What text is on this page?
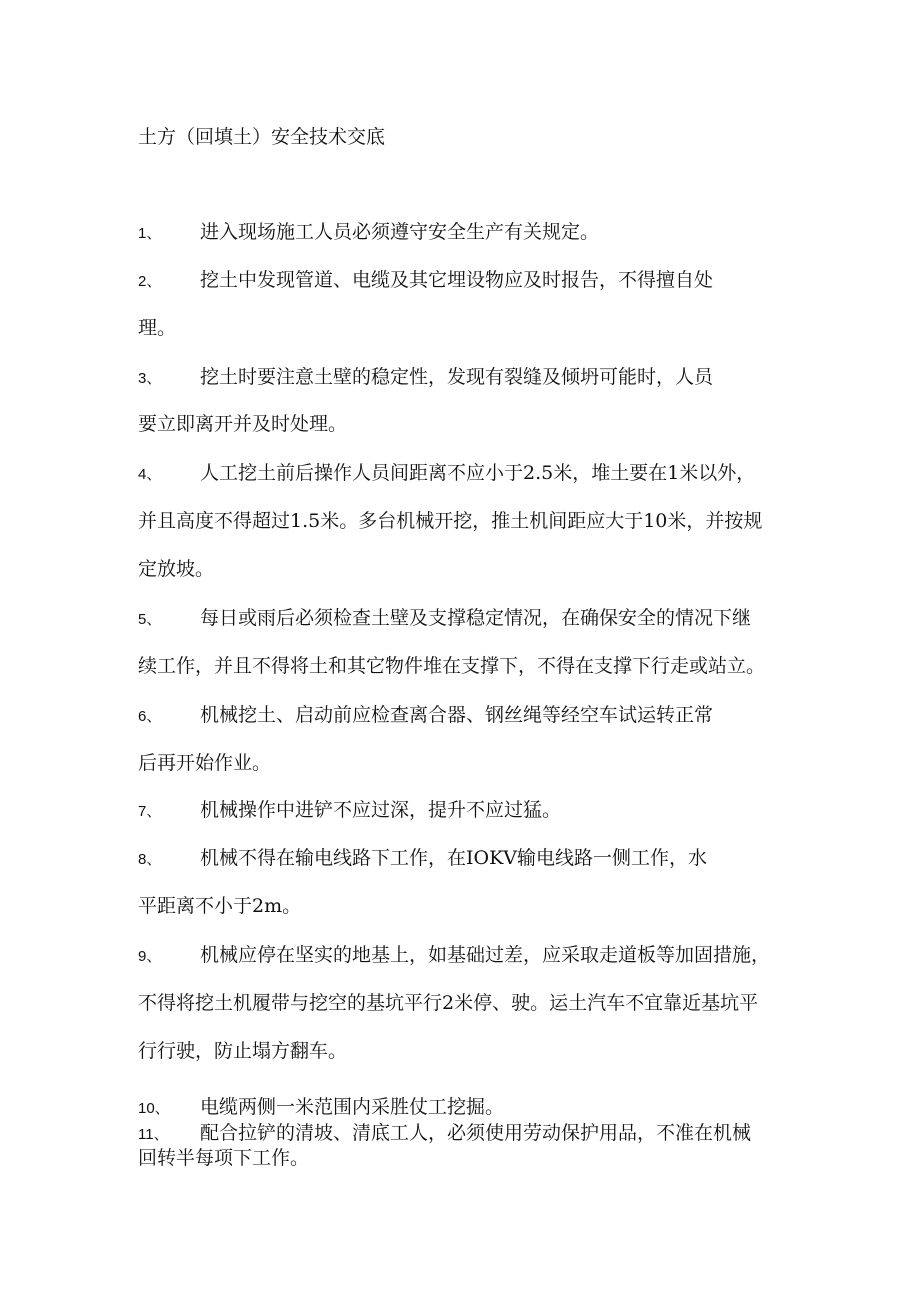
土方（回填土）安全技术交底
1、 进入现场施工人员必须遵守安全生产有关规定。
2、 挖土中发现管道、电缆及其它埋设物应及时报告，不得擅自处
理。
3、 挖土时要注意土壁的稳定性，发现有裂缝及倾坍可能时，人员
要立即离开并及时处理。
4、 人工挖土前后操作人员间距离不应小于2.5米，堆土要在1米以外，
并且高度不得超过1.5米。多台机械开挖，推土机间距应大于10米，并按规
定放坡。
5、 每日或雨后必须检查土壁及支撑稳定情况，在确保安全的情况下继
续工作，并且不得将土和其它物件堆在支撑下，不得在支撑下行走或站立。
6、 机械挖土、启动前应检查离合器、钢丝绳等经空车试运转正常
后再开始作业。
7、 机械操作中进铲不应过深，提升不应过猛。
8、 机械不得在输电线路下工作，在IOKV输电线路一侧工作，水
平距离不小于2m。
9、 机械应停在坚实的地基上，如基础过差，应采取走道板等加固措施，
不得将挖土机履带与挖空的基坑平行2米停、驶。运土汽车不宜靠近基坑平
行行驶，防止塌方翻车。
10、 电缆两侧一米范围内采胜仗工挖掘。
11、 配合拉铲的清坡、清底工人，必须使用劳动保护用品，不准在机械
回转半每项下工作。
